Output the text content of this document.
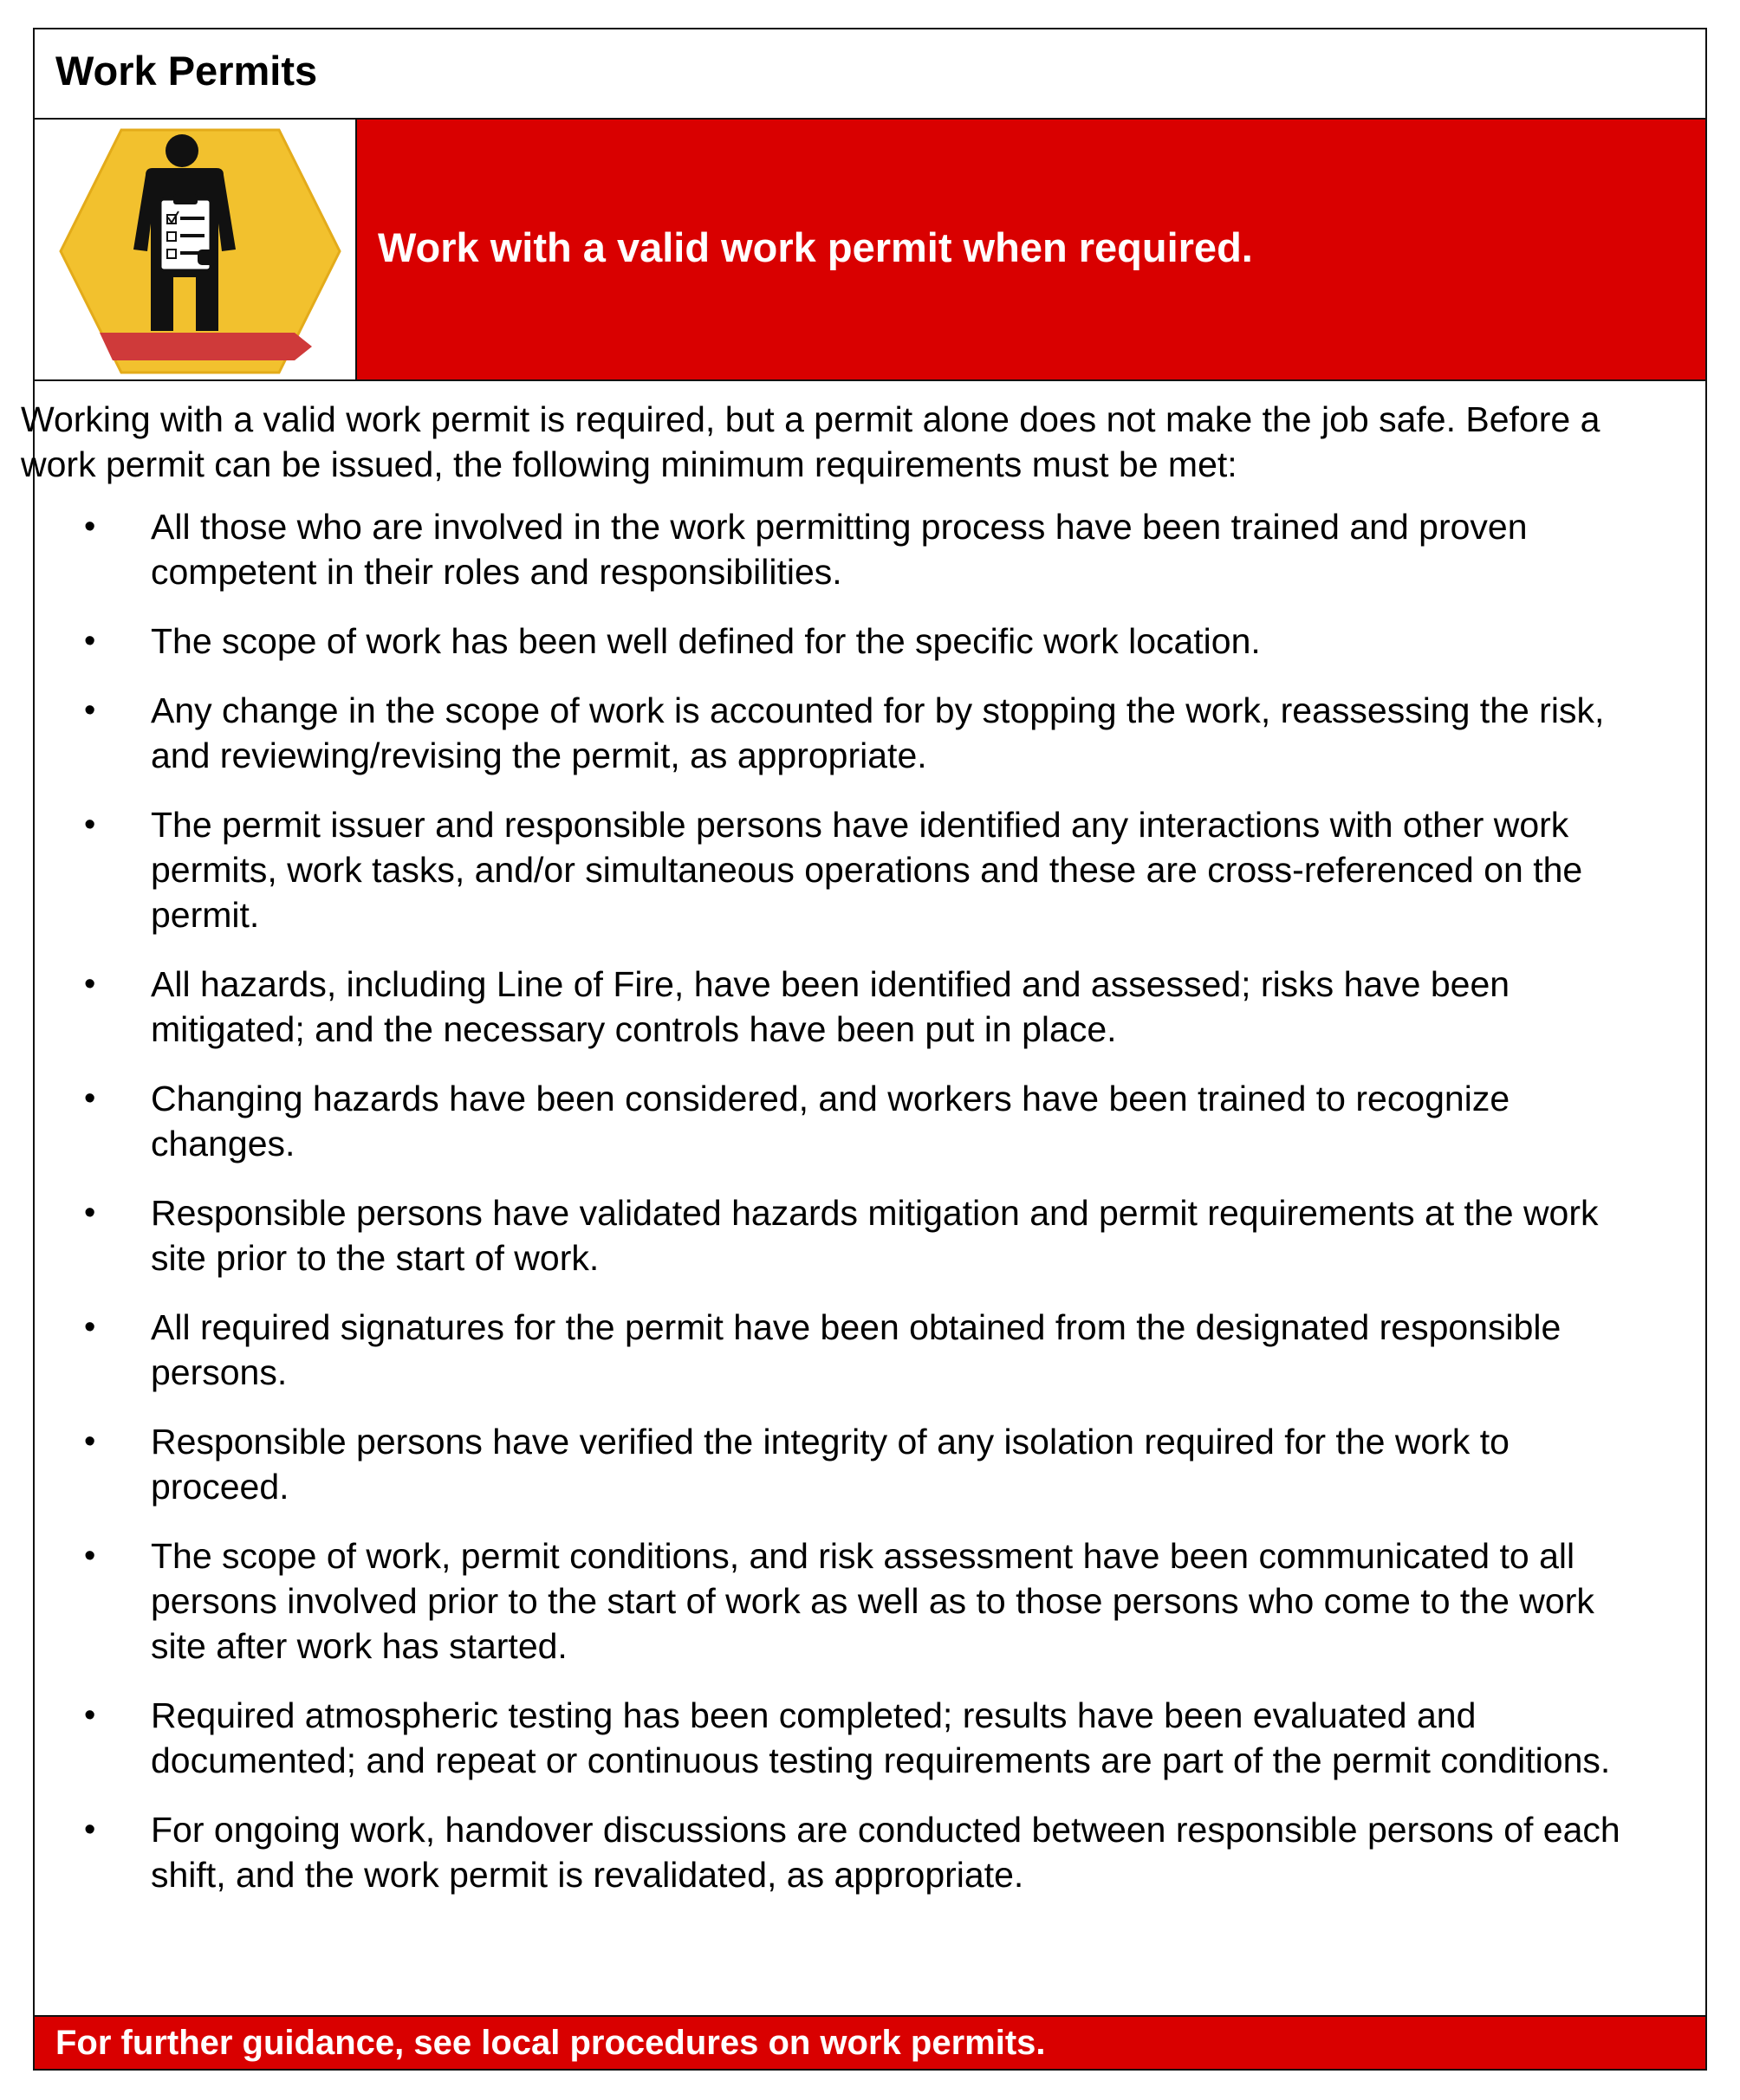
Work Permits

Work with a valid work permit when required.

For further guidance, see local procedures on work permits.

Working with a valid work permit is required, but a permit alone does not make the job safe. Before a work permit can be issued, the following minimum requirements must be met:

• All those who are involved in the work permitting process have been trained and proven competent in their roles and responsibilities.
• The scope of work has been well defined for the specific work location.
• Any change in the scope of work is accounted for by stopping the work, reassessing the risk, and reviewing/revising the permit, as appropriate.
• The permit issuer and responsible persons have identified any interactions with other work permits, work tasks, and/or simultaneous operations and these are cross-referenced on the permit.
• All hazards, including Line of Fire, have been identified and assessed; risks have been mitigated; and the necessary controls have been put in place.
• Changing hazards have been considered, and workers have been trained to recognize changes.
• Responsible persons have validated hazards mitigation and permit requirements at the work site prior to the start of work.
• All required signatures for the permit have been obtained from the designated responsible persons.
• Responsible persons have verified the integrity of any isolation required for the work to proceed.
• The scope of work, permit conditions, and risk assessment have been communicated to all persons involved prior to the start of work as well as to those persons who come to the work site after work has started.
• Required atmospheric testing has been completed; results have been evaluated and documented; and repeat or continuous testing requirements are part of the permit conditions.
• For ongoing work, handover discussions are conducted between responsible persons of each shift, and the work permit is revalidated, as appropriate.
